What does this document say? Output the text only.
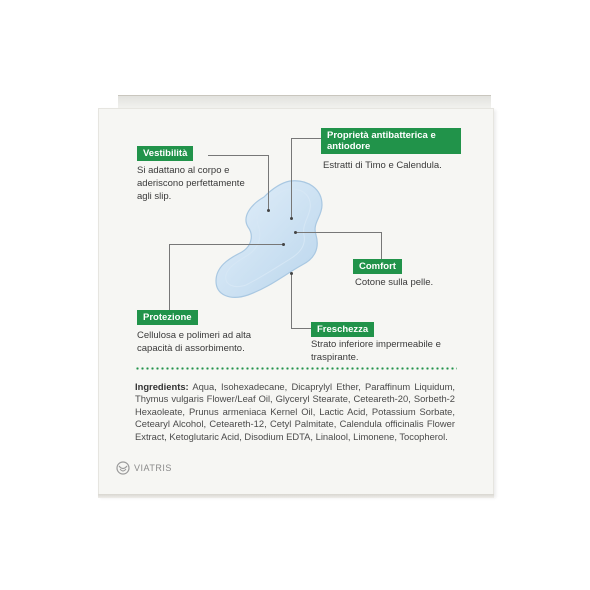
Vestibilità
Si adattano al corpo e aderiscono perfettamente agli slip.
Proprietà antibatterica e antiodore
Estratti di Timo e Calendula.
Comfort
Cotone sulla pelle.
Protezione
Cellulosa e polimeri ad alta capacità di assorbimento.
Freschezza
Strato inferiore impermeabile e traspirante.
Ingredients: Aqua, Isohexadecane, Dicaprylyl Ether, Paraffinum Liquidum, Thymus vulgaris Flower/Leaf Oil, Glyceryl Stearate, Ceteareth-20, Sorbeth-2 Hexaoleate, Prunus armeniaca Kernel Oil, Lactic Acid, Potassium Sorbate, Cetearyl Alcohol, Ceteareth-12, Cetyl Palmitate, Calendula officinalis Flower Extract, Ketoglutaric Acid, Disodium EDTA, Linalool, Limonene, Tocopherol.
VIATRIS
